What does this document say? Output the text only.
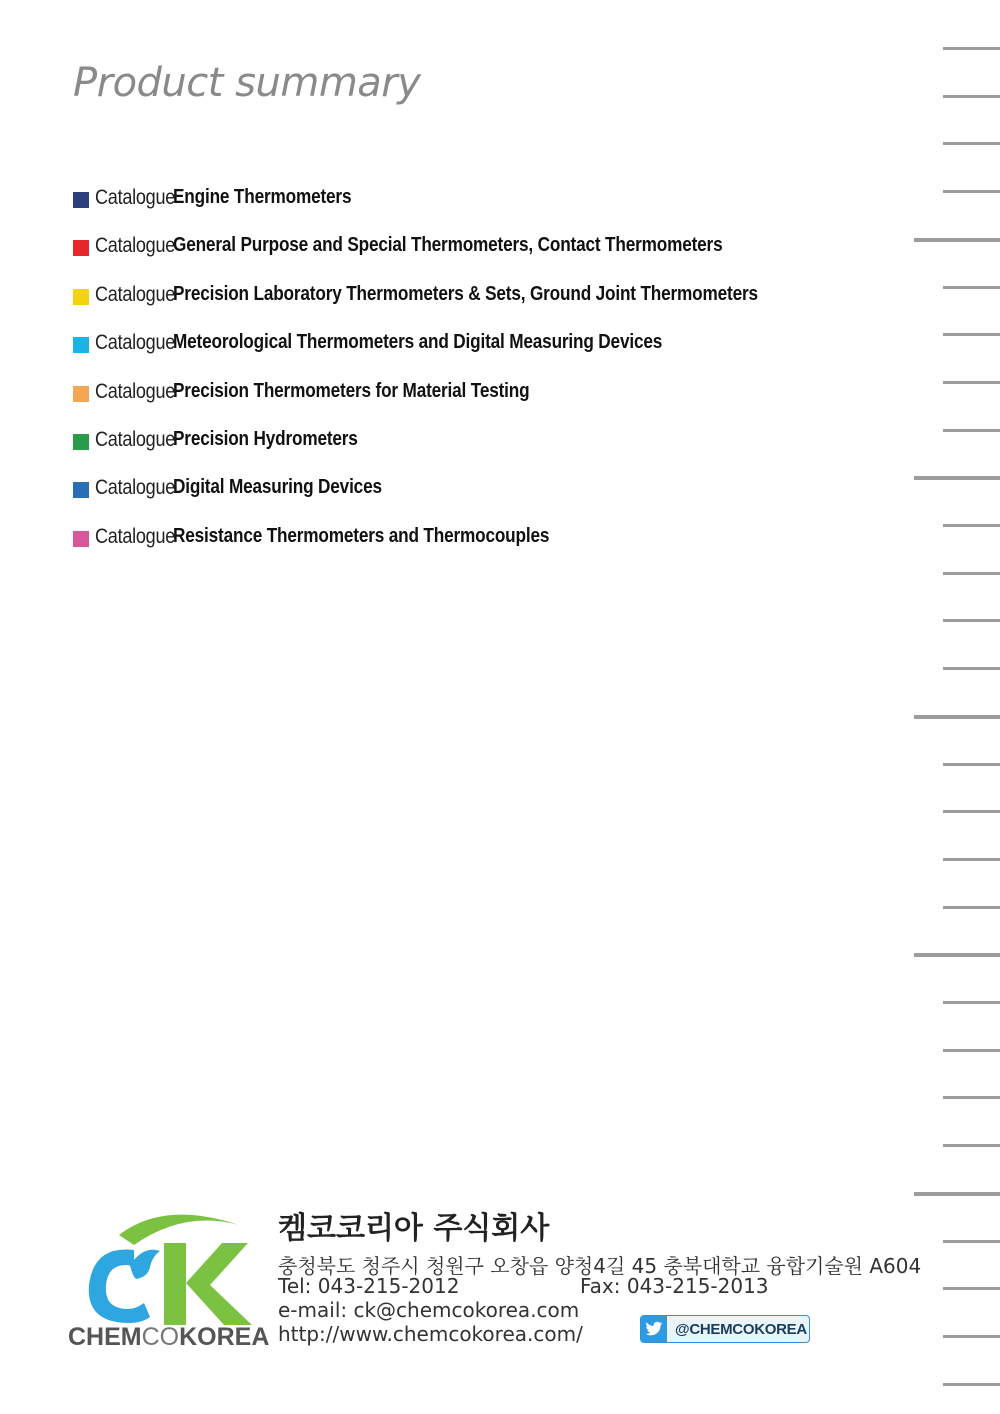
Product summary
Catalogue
Engine Thermometers
Catalogue
General Purpose and Special Thermometers, Contact Thermometers
Catalogue
Precision Laboratory Thermometers & Sets, Ground Joint Thermometers
Catalogue
Meteorological Thermometers and Digital Measuring Devices
Catalogue
Precision Thermometers for Material Testing
Catalogue
Precision Hydrometers
Catalogue
Digital Measuring Devices
Catalogue
Resistance Thermometers and Thermocouples
CHEMCOKOREA
켐코코리아 주식회사
충청북도 청주시 청원구 오창읍 양청4길 45 충북대학교 융합기술원 A604
Tel: 043-215-2012	Fax: 043-215-2013
e-mail: ck@chemcokorea.com
http://www.chemcokorea.com/	@CHEMCOKOREA
